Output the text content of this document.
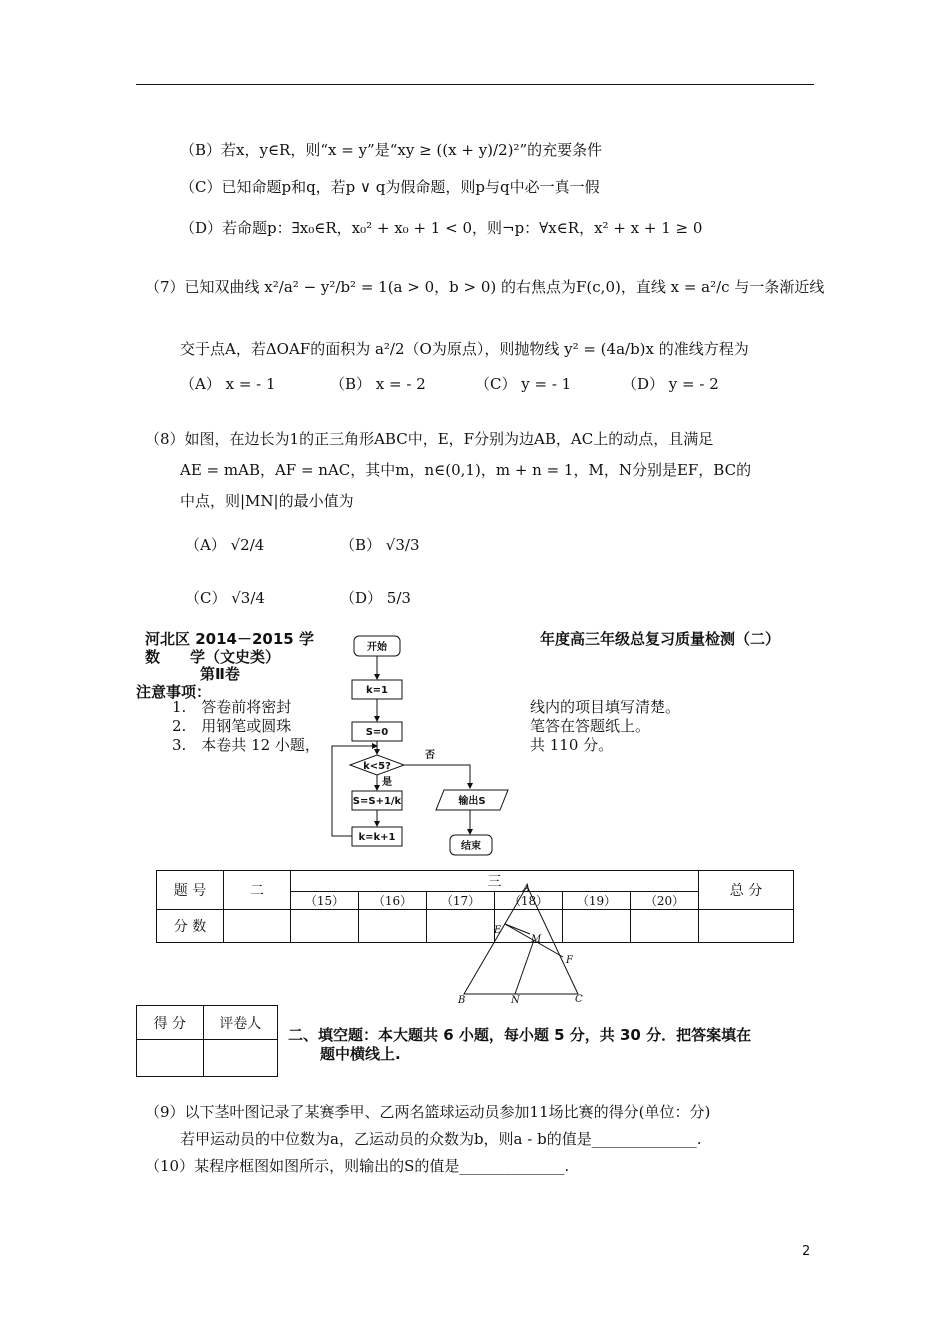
（B）若x，y∈R，则“x = y”是“xy ≥ ((x + y)/2)²”的充要条件
（C）已知命题p和q，若p ∨ q为假命题，则p与q中必一真一假
（D）若命题p：∃x₀∈R，x₀² + x₀ + 1 < 0，则¬p：∀x∈R，x² + x + 1 ≥ 0
（7）已知双曲线 x²/a² − y²/b² = 1(a > 0，b > 0) 的右焦点为F(c,0)，直线 x = a²/c 与一条渐近线
交于点A，若ΔOAF的面积为 a²/2（O为原点），则抛物线 y² = (4a/b)x 的准线方程为
（A） x = - 1	（B） x = - 2	（C） y = - 1	（D） y = - 2
（8）如图，在边长为1的正三角形ABC中，E，F分别为边AB，AC上的动点，且满足
AE = mAB，AF = nAC，其中m，n∈(0,1)，m + n = 1，M，N分别是EF，BC的
中点，则|MN|的最小值为
（A） √2/4	（B） √3/3
（C） √3/4	（D） 5/3
河北区 2014－2015 学
数　　学（文史类）
第Ⅱ卷
年度高三年级总复习质量检测（二）
注意事项：
1.　答卷前将密封
2.　用钢笔或圆珠
3.　本卷共 12 小题，
线内的项目填写清楚。
笔答在答题纸上。
共 110 分。
开始
k=1
S=0
k<5?
否
是
S=S+1/k
k=k+1
输出S
结束
题 号	二	三						总 分
		（15）	（16）	（17）	（18）	（19）	（20）	
分 数								
A
E
M
F
B	N	C
得 分	评卷人

二、填空题：本大题共 6 小题，每小题 5 分，共 30 分．把答案填在
题中横线上.
（9）以下茎叶图记录了某赛季甲、乙两名篮球运动员参加11场比赛的得分(单位：分)
若甲运动员的中位数为a，乙运动员的众数为b，则a - b的值是______________.
（10）某程序框图如图所示，则输出的S的值是______________.
2
